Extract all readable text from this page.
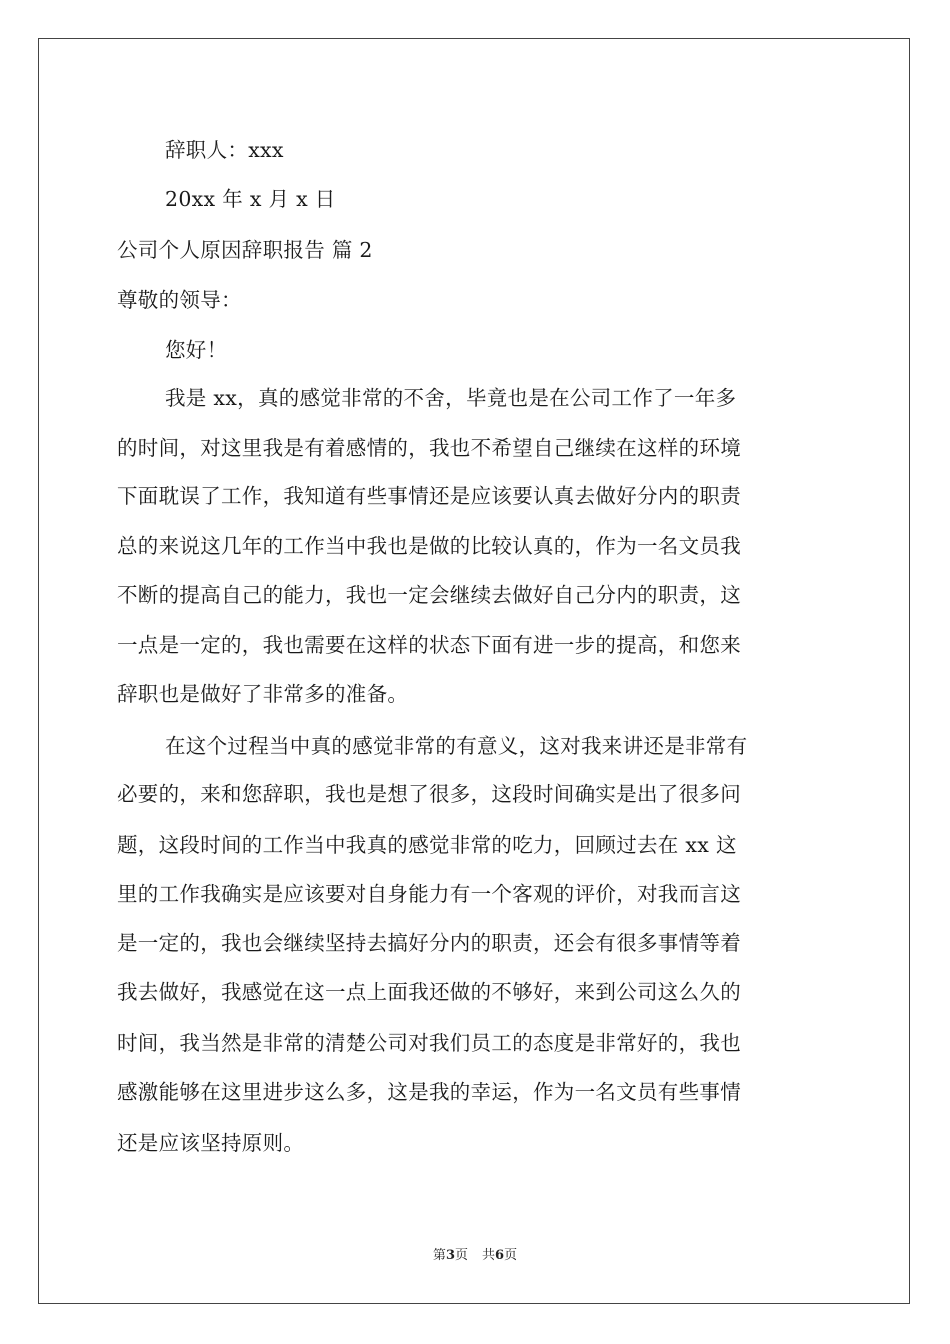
辞职人：xxx
20xx 年 x 月 x 日
公司个人原因辞职报告 篇 2
尊敬的领导：
您好！
我是 xx，真的感觉非常的不舍，毕竟也是在公司工作了一年多
的时间，对这里我是有着感情的，我也不希望自己继续在这样的环境
下面耽误了工作，我知道有些事情还是应该要认真去做好分内的职责
总的来说这几年的工作当中我也是做的比较认真的，作为一名文员我
不断的提高自己的能力，我也一定会继续去做好自己分内的职责，这
一点是一定的，我也需要在这样的状态下面有进一步的提高，和您来
辞职也是做好了非常多的准备。
在这个过程当中真的感觉非常的有意义，这对我来讲还是非常有
必要的，来和您辞职，我也是想了很多，这段时间确实是出了很多问
题，这段时间的工作当中我真的感觉非常的吃力，回顾过去在 xx 这
里的工作我确实是应该要对自身能力有一个客观的评价，对我而言这
是一定的，我也会继续坚持去搞好分内的职责，还会有很多事情等着
我去做好，我感觉在这一点上面我还做的不够好，来到公司这么久的
时间，我当然是非常的清楚公司对我们员工的态度是非常好的，我也
感激能够在这里进步这么多，这是我的幸运，作为一名文员有些事情
还是应该坚持原则。
第3页 共6页
